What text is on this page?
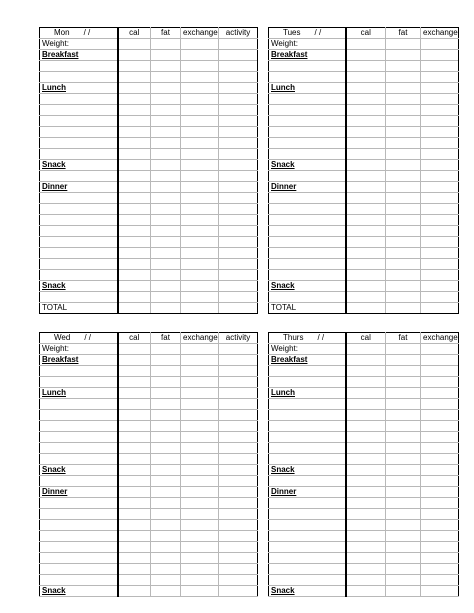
Mon / /	cal	fat	exchange	activity	
Weight:					
Breakfast					

Lunch					

Snack					

Dinner					

Snack					

TOTAL					
Tues / /	cal	fat	exchange	
Weight:				
Breakfast				

Lunch				

Snack				

Dinner				

Snack				

TOTAL				
Wed / /	cal	fat	exchange	activity	
Weight:					
Breakfast					

Lunch					

Snack					

Dinner					

Snack					
Thurs / /	cal	fat	exchange	
Weight:				
Breakfast				

Lunch				

Snack				

Dinner				

Snack				
